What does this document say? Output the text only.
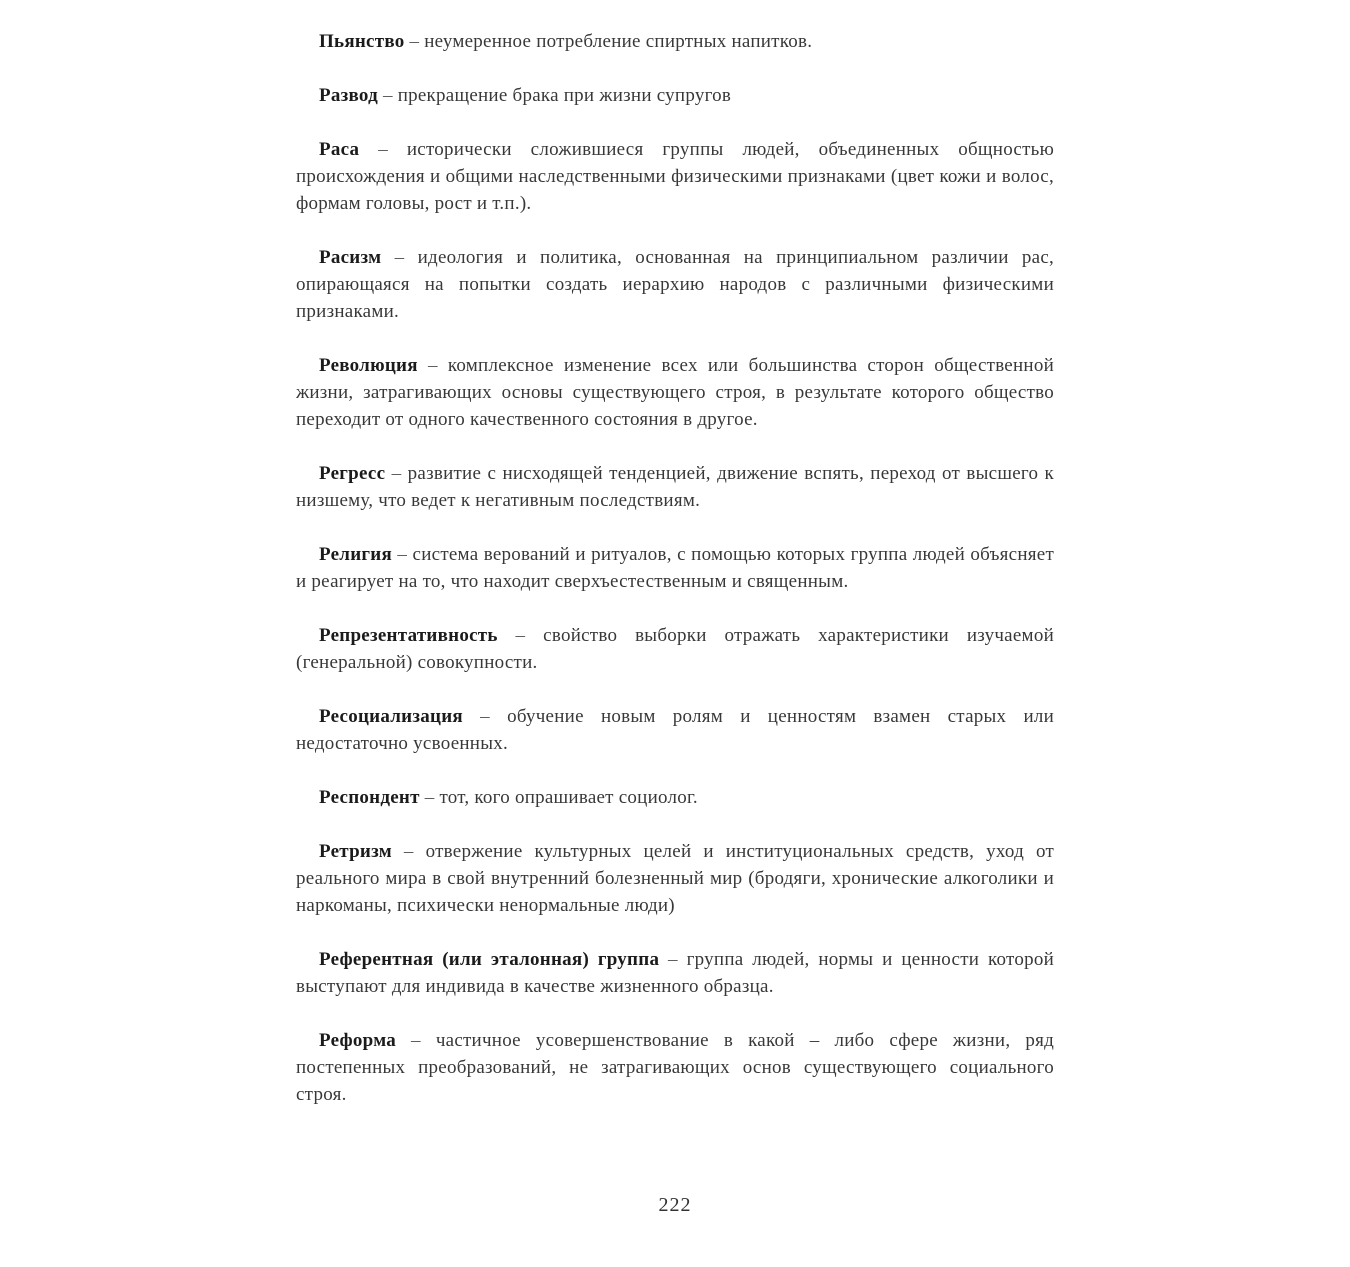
Пьянство – неумеренное потребление спиртных напитков.

Развод – прекращение брака при жизни супругов

Раса – исторически сложившиеся группы людей, объединенных общностью происхождения и общими наследственными физическими признаками (цвет кожи и волос, формам головы, рост и т.п.).

Расизм – идеология и политика, основанная на принципиальном различии рас, опирающаяся на попытки создать иерархию народов с различными физическими признаками.

Революция – комплексное изменение всех или большинства сторон общественной жизни, затрагивающих основы существующего строя, в результате которого общество переходит от одного качественного состояния в другое.

Регресс – развитие с нисходящей тенденцией, движение вспять, переход от высшего к низшему, что ведет к негативным последствиям.

Религия – система верований и ритуалов, с помощью которых группа людей объясняет и реагирует на то, что находит сверхъестественным и священным.

Репрезентативность – свойство выборки отражать характеристики изучаемой (генеральной) совокупности.

Ресоциализация – обучение новым ролям и ценностям взамен старых или недостаточно усвоенных.

Респондент – тот, кого опрашивает социолог.

Ретризм – отвержение культурных целей и институциональных средств, уход от реального мира в свой внутренний болезненный мир (бродяги, хронические алкоголики и наркоманы, психически ненормальные люди)

Референтная (или эталонная) группа – группа людей, нормы и ценности которой выступают для индивида в качестве жизненного образца.

Реформа – частичное усовершенствование в какой – либо сфере жизни, ряд постепенных преобразований, не затрагивающих основ существующего социального строя.

222
